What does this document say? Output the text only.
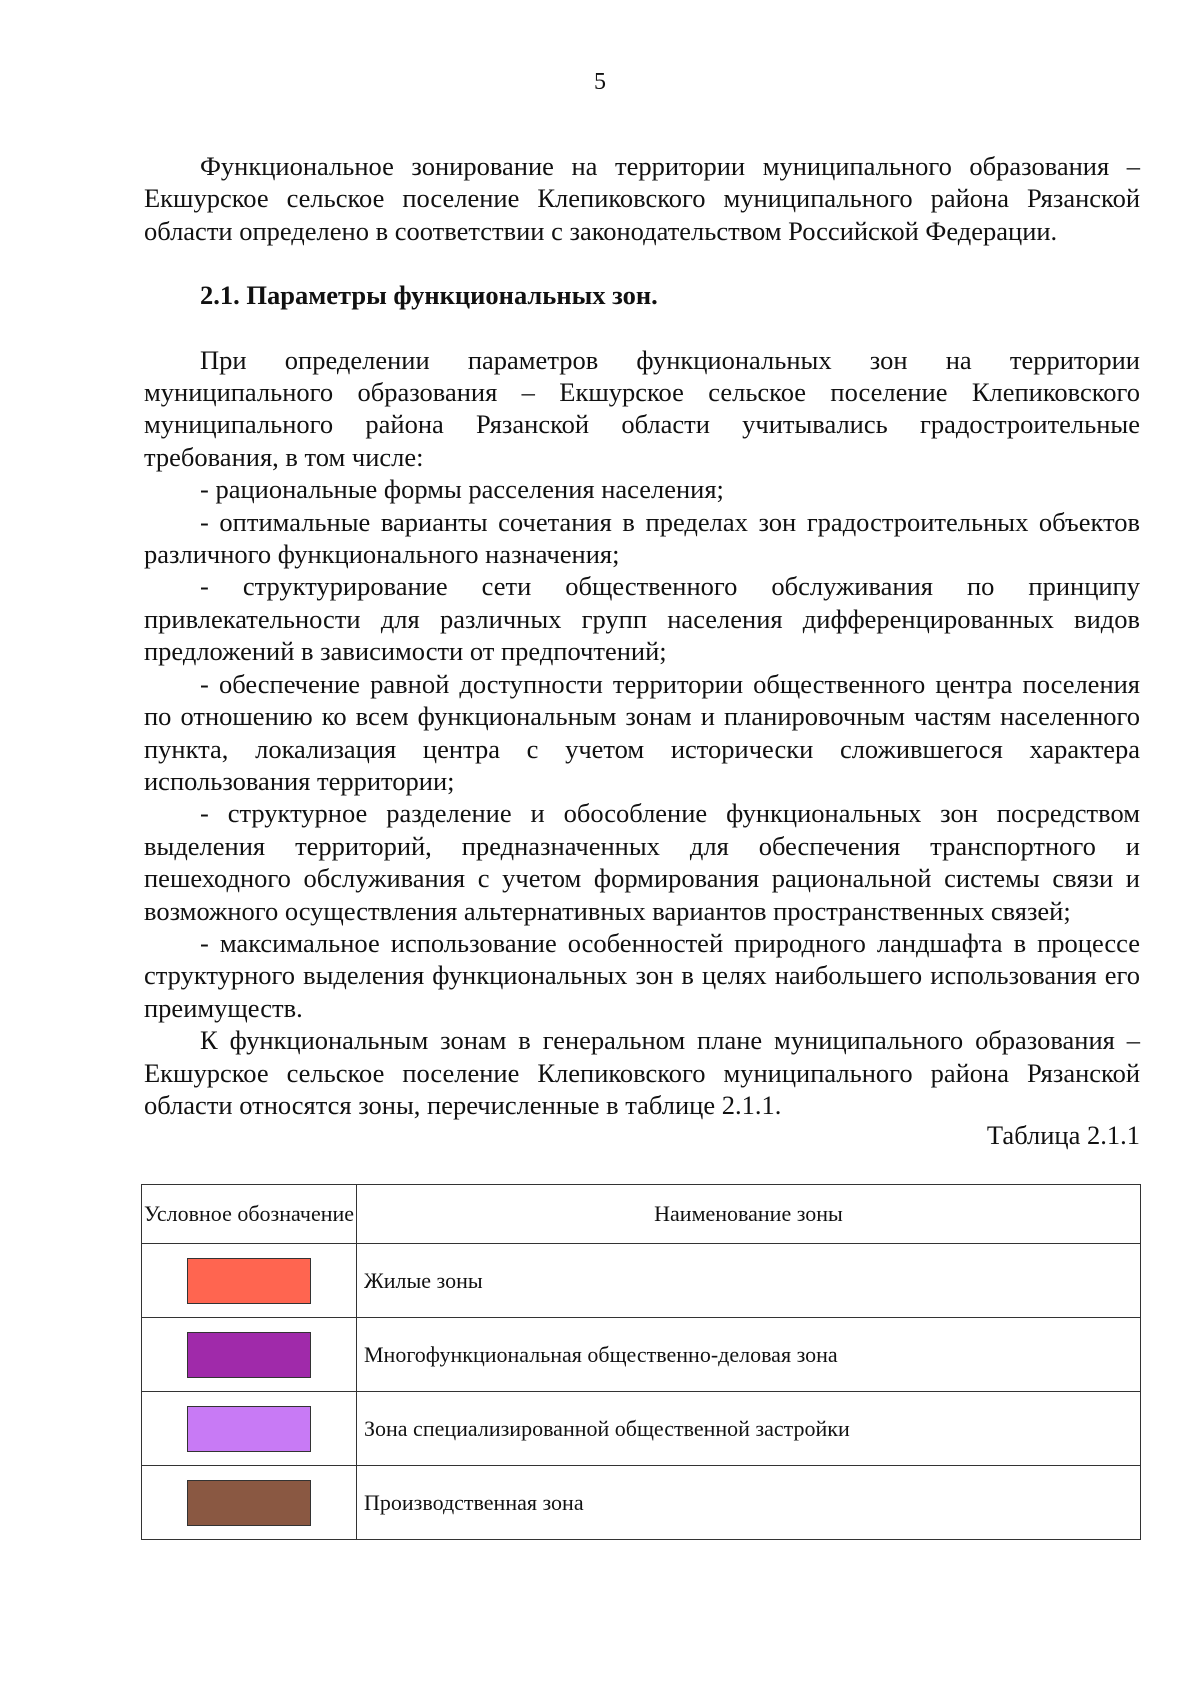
5

Функциональное зонирование на территории муниципального образования – Екшурское сельское поселение Клепиковского муниципального района Рязанской области определено в соответствии с законодательством Российской Федерации.

2.1. Параметры функциональных зон.

При определении параметров функциональных зон на территории муниципального образования – Екшурское сельское поселение Клепиковского муниципального района Рязанской области учитывались градостроительные требования, в том числе:

- рациональные формы расселения населения;

- оптимальные варианты сочетания в пределах зон градостроительных объектов различного функционального назначения;

- структурирование сети общественного обслуживания по принципу привлекательности для различных групп населения дифференцированных видов предложений в зависимости от предпочтений;

- обеспечение равной доступности территории общественного центра поселения по отношению ко всем функциональным зонам и планировочным частям населенного пункта, локализация центра с учетом исторически сложившегося характера использования территории;

- структурное разделение и обособление функциональных зон посредством выделения территорий, предназначенных для обеспечения транспортного и пешеходного обслуживания с учетом формирования рациональной системы связи и возможного осуществления альтернативных вариантов пространственных связей;

- максимальное использование особенностей природного ландшафта в процессе структурного выделения функциональных зон в целях наибольшего использования его преимуществ.

К функциональным зонам в генеральном плане муниципального образования – Екшурское сельское поселение Клепиковского муниципального района Рязанской области относятся зоны, перечисленные в таблице 2.1.1.

Таблица 2.1.1
Условное обозначение	Наименование зоны
	Жилые зоны
	Многофункциональная общественно-деловая зона
	Зона специализированной общественной застройки
	Производственная зона
